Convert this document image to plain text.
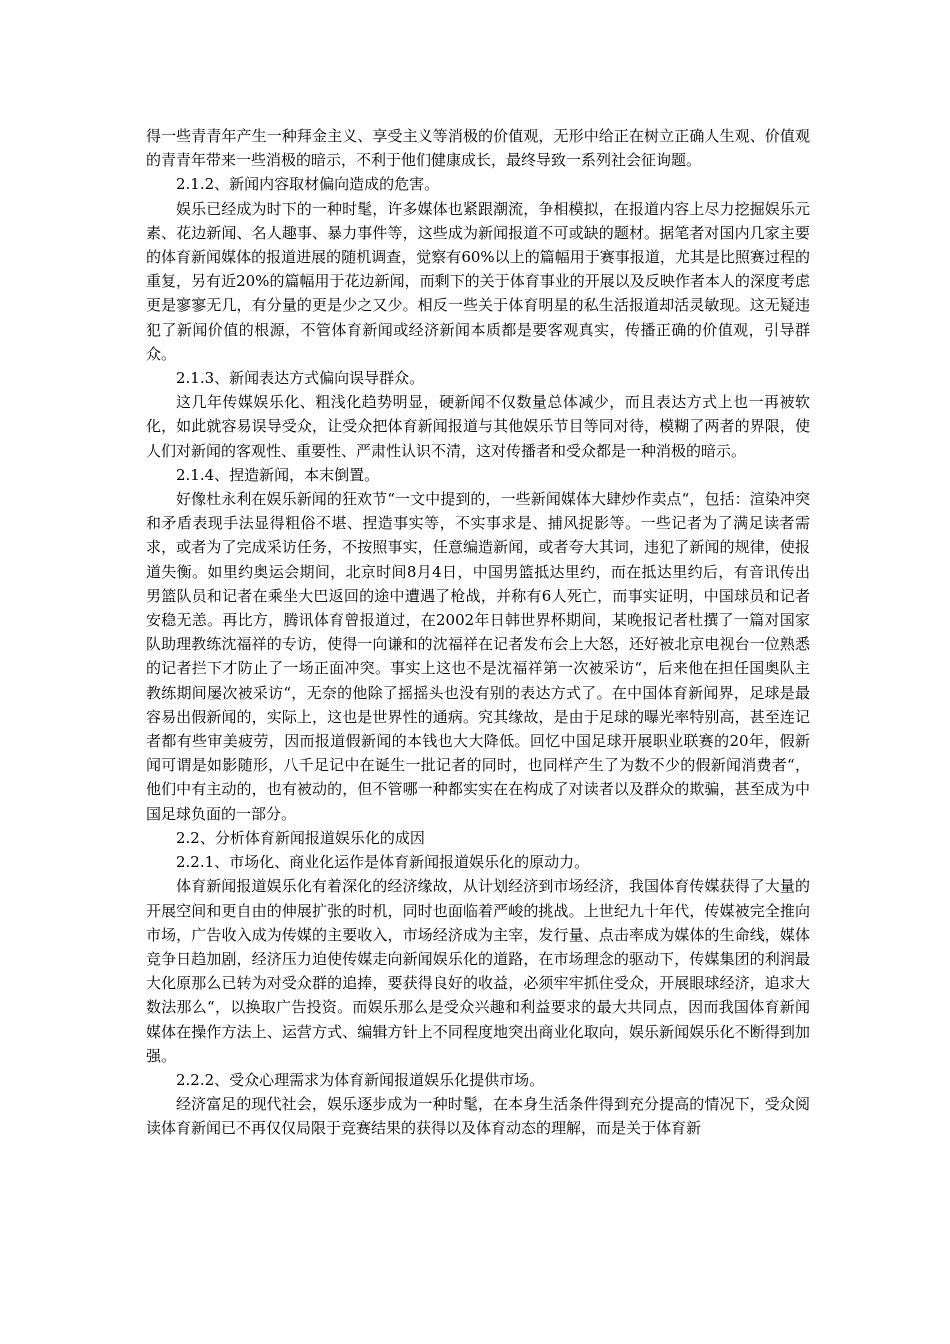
得一些青青年产生一种拜金主义、享受主义等消极的价值观，无形中给正在树立正确人生观、价值观的青青年带来一些消极的暗示，不利于他们健康成长，最终导致一系列社会征询题。

2.1.2、新闻内容取材偏向造成的危害。

娱乐已经成为时下的一种时髦，许多媒体也紧跟潮流，争相模拟，在报道内容上尽力挖掘娱乐元素、花边新闻、名人趣事、暴力事件等，这些成为新闻报道不可或缺的题材。据笔者对国内几家主要的体育新闻媒体的报道进展的随机调查，觉察有60%以上的篇幅用于赛事报道，尤其是比照赛过程的重复，另有近20%的篇幅用于花边新闻，而剩下的关于体育事业的开展以及反映作者本人的深度考虑更是寥寥无几，有分量的更是少之又少。相反一些关于体育明星的私生活报道却活灵敏现。这无疑违犯了新闻价值的根源，不管体育新闻或经济新闻本质都是要客观真实，传播正确的价值观，引导群众。

2.1.3、新闻表达方式偏向误导群众。

这几年传媒娱乐化、粗浅化趋势明显，硬新闻不仅数量总体减少，而且表达方式上也一再被软化，如此就容易误导受众，让受众把体育新闻报道与其他娱乐节目等同对待，模糊了两者的界限，使人们对新闻的客观性、重要性、严肃性认识不清，这对传播者和受众都是一种消极的暗示。

2.1.4、捏造新闻，本末倒置。

好像杜永利在娱乐新闻的狂欢节“一文中提到的，一些新闻媒体大肆炒作卖点“，包括：渲染冲突和矛盾表现手法显得粗俗不堪、捏造事实等，不实事求是、捕风捉影等。一些记者为了满足读者需求，或者为了完成采访任务，不按照事实，任意编造新闻，或者夸大其词，违犯了新闻的规律，使报道失衡。如里约奥运会期间，北京时间8月4日，中国男篮抵达里约，而在抵达里约后，有音讯传出男篮队员和记者在乘坐大巴返回的途中遭遇了枪战，并称有6人死亡，而事实证明，中国球员和记者安稳无恙。再比方，腾讯体育曾报道过，在2002年日韩世界杯期间，某晚报记者杜撰了一篇对国家队助理教练沈福祥的专访，使得一向谦和的沈福祥在记者发布会上大怒，还好被北京电视台一位熟悉的记者拦下才防止了一场正面冲突。事实上这也不是沈福祥第一次被采访“，后来他在担任国奥队主教练期间屡次被采访“，无奈的他除了摇摇头也没有别的表达方式了。在中国体育新闻界，足球是最容易出假新闻的，实际上，这也是世界性的通病。究其缘故，是由于足球的曝光率特别高，甚至连记者都有些审美疲劳，因而报道假新闻的本钱也大大降低。回忆中国足球开展职业联赛的20年，假新闻可谓是如影随形，八千足记中在诞生一批记者的同时，也同样产生了为数不少的假新闻消费者“，他们中有主动的，也有被动的，但不管哪一种都实实在在构成了对读者以及群众的欺骗，甚至成为中国足球负面的一部分。

2.2、分析体育新闻报道娱乐化的成因

2.2.1、市场化、商业化运作是体育新闻报道娱乐化的原动力。

体育新闻报道娱乐化有着深化的经济缘故，从计划经济到市场经济，我国体育传媒获得了大量的开展空间和更自由的伸展扩张的时机，同时也面临着严峻的挑战。上世纪九十年代，传媒被完全推向市场，广告收入成为传媒的主要收入，市场经济成为主宰，发行量、点击率成为媒体的生命线，媒体竞争日趋加剧，经济压力迫使传媒走向新闻娱乐化的道路，在市场理念的驱动下，传媒集团的利润最大化原那么已转为对受众群的追捧，要获得良好的收益，必须牢牢抓住受众，开展眼球经济，追求大数法那么“，以换取广告投资。而娱乐那么是受众兴趣和利益要求的最大共同点，因而我国体育新闻媒体在操作方法上、运营方式、编辑方针上不同程度地突出商业化取向，娱乐新闻娱乐化不断得到加强。

2.2.2、受众心理需求为体育新闻报道娱乐化提供市场。

经济富足的现代社会，娱乐逐步成为一种时髦，在本身生活条件得到充分提高的情况下，受众阅读体育新闻已不再仅仅局限于竞赛结果的获得以及体育动态的理解，而是关于体育新
